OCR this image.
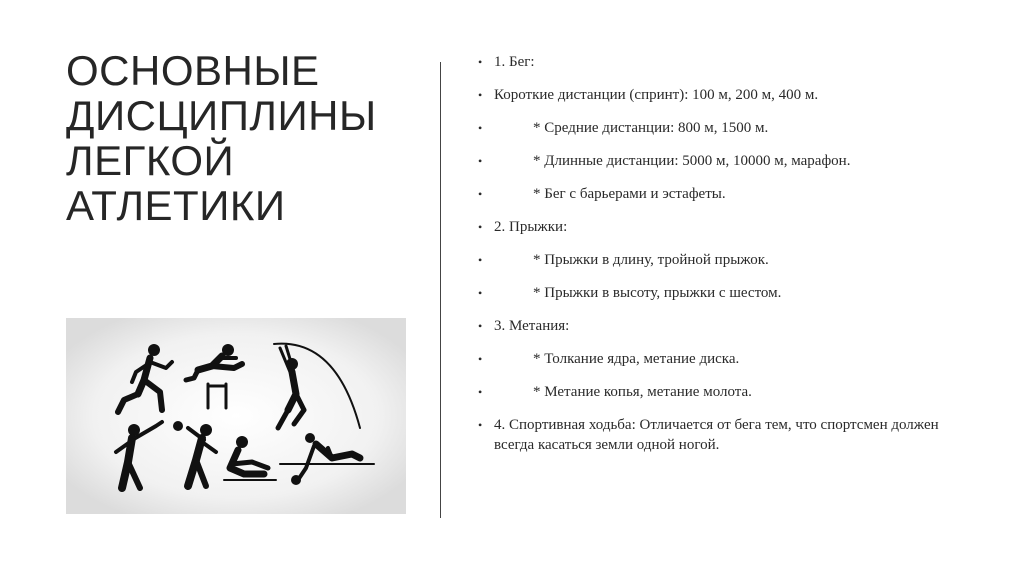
ОСНОВНЫЕ
ДИСЦИПЛИНЫ
ЛЕГКОЙ
АТЛЕТИКИ
• 1. Бег:
• Короткие дистанции (спринт): 100 м, 200 м, 400 м.
•	* Средние дистанции: 800 м, 1500 м.
•	* Длинные дистанции: 5000 м, 10000 м, марафон.
•	* Бег с барьерами и эстафеты.
• 2. Прыжки:
•	* Прыжки в длину, тройной прыжок.
•	* Прыжки в высоту, прыжки с шестом.
• 3. Метания:
•	* Толкание ядра, метание диска.
•	* Метание копья, метание молота.
• 4. Спортивная ходьба: Отличается от бега тем, что спортсмен должен всегда касаться земли одной ногой.
